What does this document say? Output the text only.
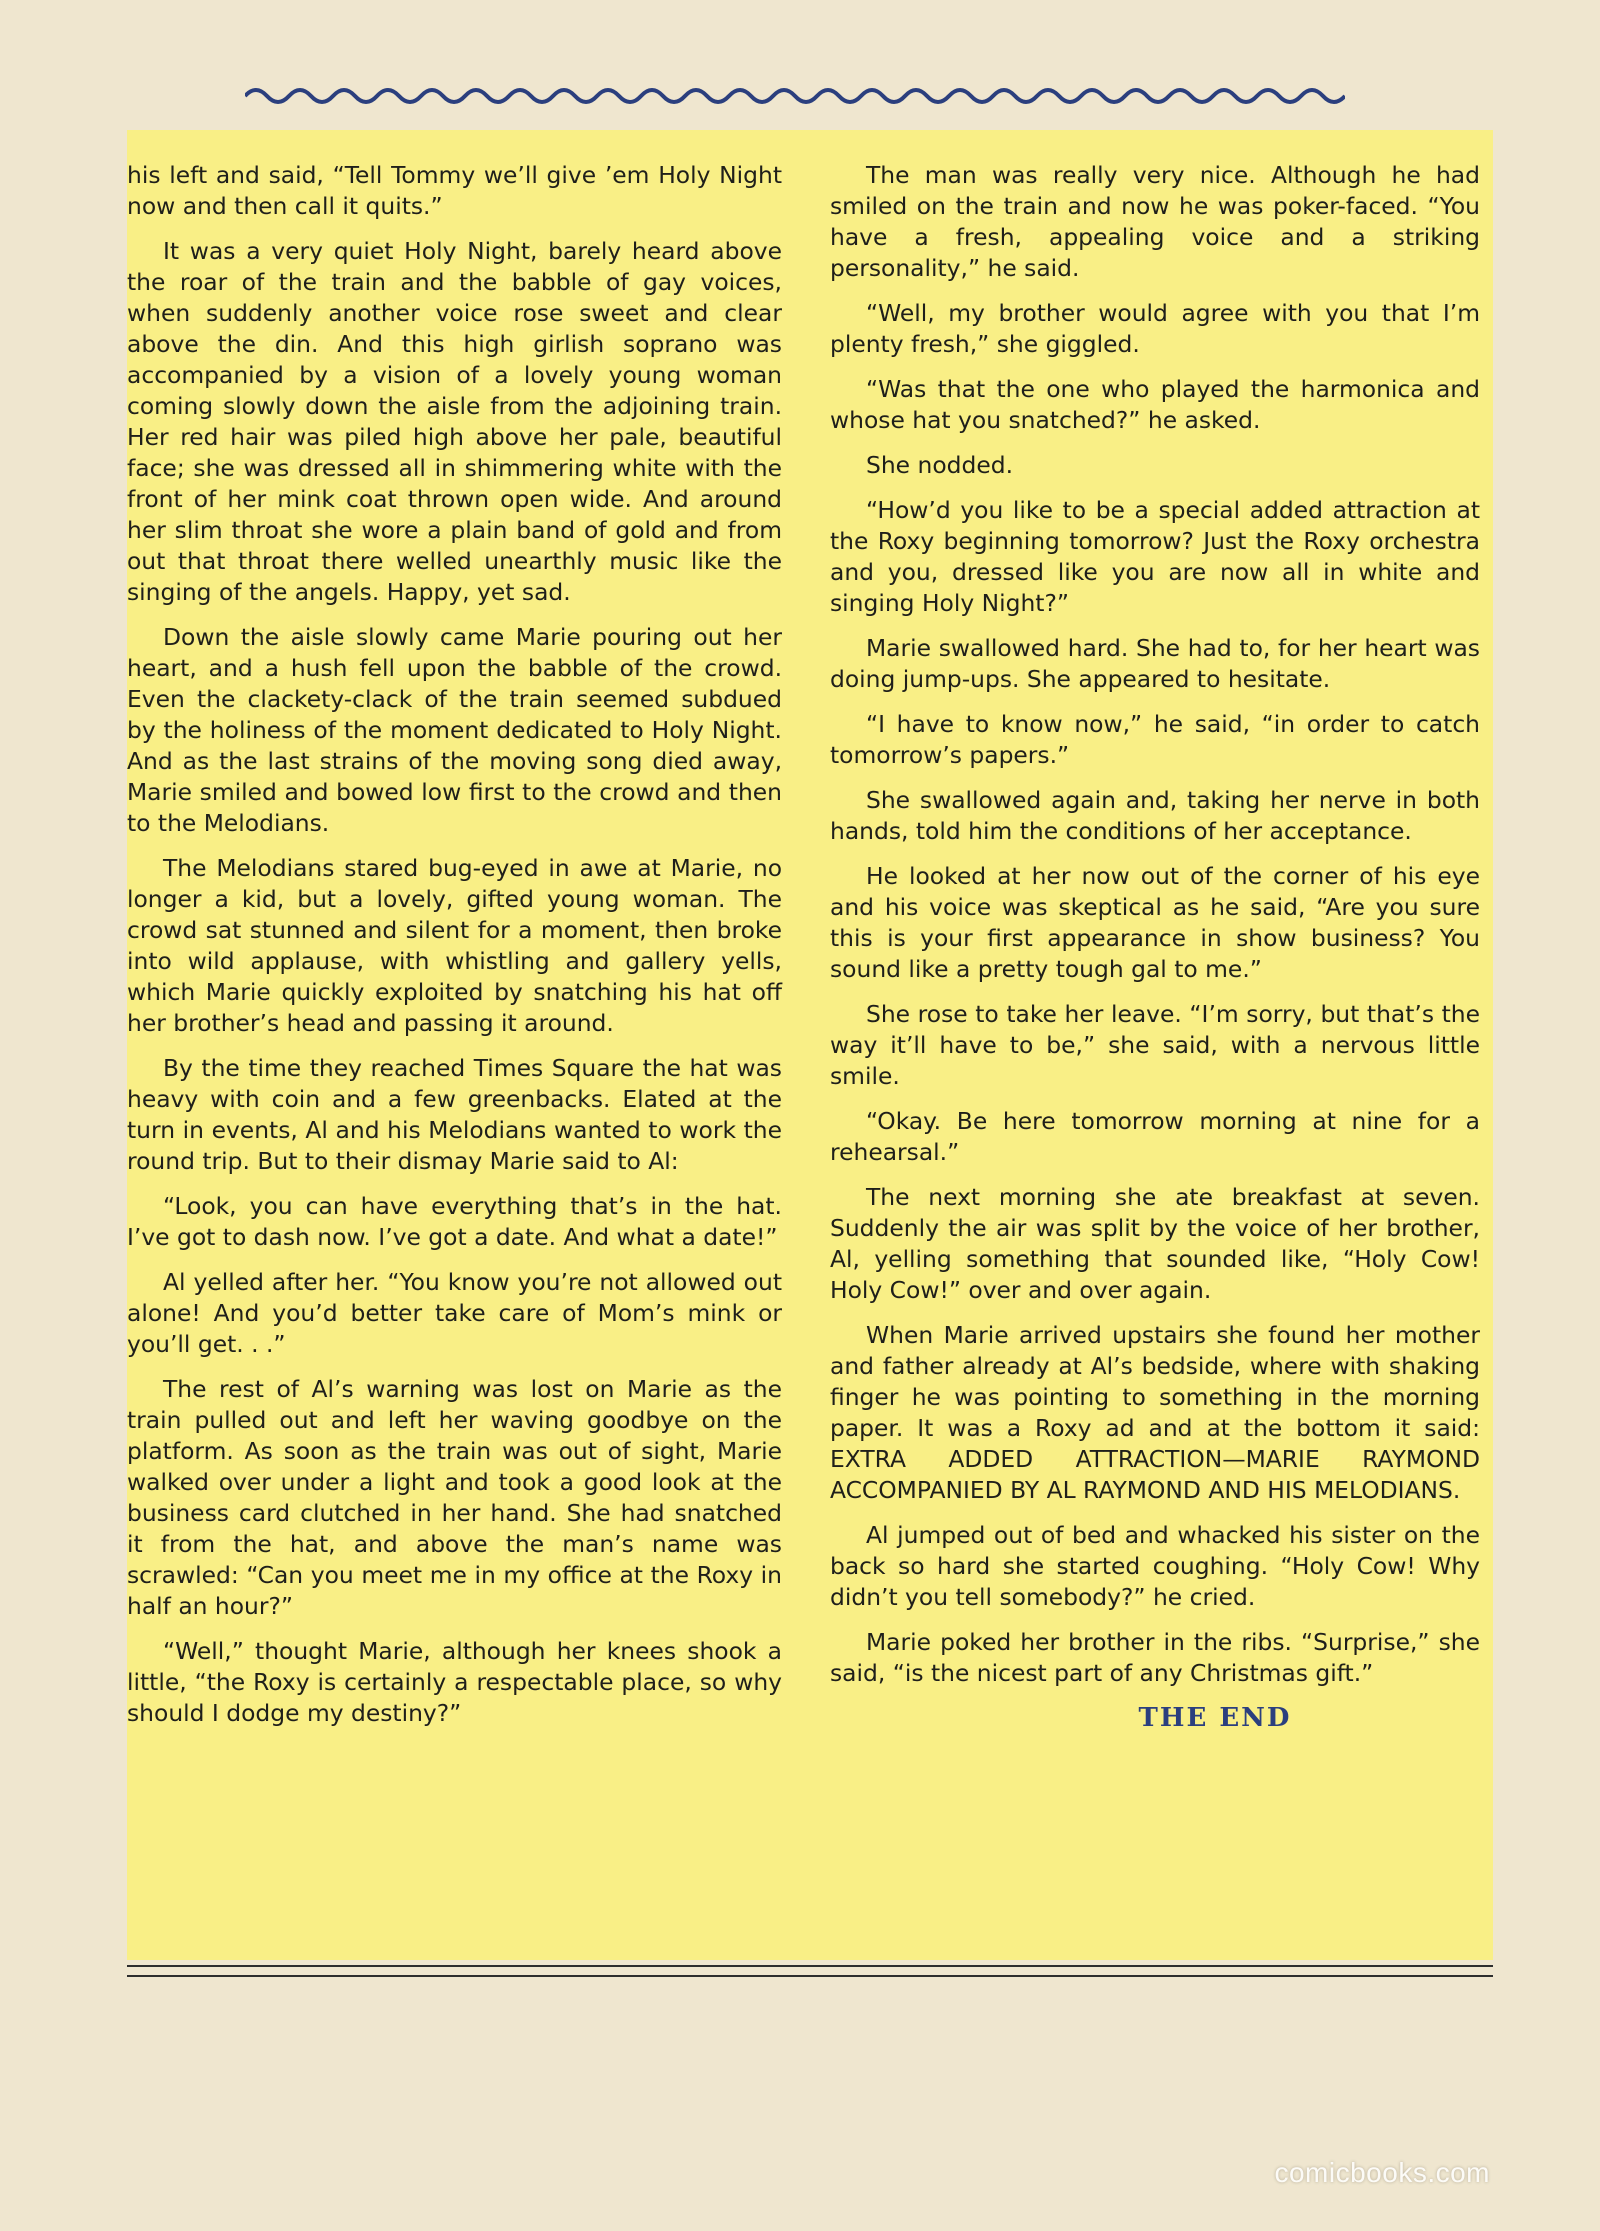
his left and said, “Tell Tommy we’ll give ’em Holy Night now and then call it quits.”

It was a very quiet Holy Night, barely heard above the roar of the train and the babble of gay voices, when suddenly another voice rose sweet and clear above the din. And this high girlish soprano was accompanied by a vision of a lovely young woman coming slowly down the aisle from the adjoining train. Her red hair was piled high above her pale, beautiful face; she was dressed all in shimmering white with the front of her mink coat thrown open wide. And around her slim throat she wore a plain band of gold and from out that throat there welled unearthly music like the singing of the angels. Happy, yet sad.

Down the aisle slowly came Marie pouring out her heart, and a hush fell upon the babble of the crowd. Even the clackety-clack of the train seemed subdued by the holiness of the moment dedicated to Holy Night. And as the last strains of the moving song died away, Marie smiled and bowed low first to the crowd and then to the Melodians.

The Melodians stared bug-eyed in awe at Marie, no longer a kid, but a lovely, gifted young woman. The crowd sat stunned and silent for a moment, then broke into wild applause, with whistling and gallery yells, which Marie quickly exploited by snatching his hat off her brother’s head and passing it around.

By the time they reached Times Square the hat was heavy with coin and a few greenbacks. Elated at the turn in events, Al and his Melodians wanted to work the round trip. But to their dismay Marie said to Al:

“Look, you can have everything that’s in the hat. I’ve got to dash now. I’ve got a date. And what a date!”

Al yelled after her. “You know you’re not allowed out alone! And you’d better take care of Mom’s mink or you’ll get. . .”

The rest of Al’s warning was lost on Marie as the train pulled out and left her waving goodbye on the platform. As soon as the train was out of sight, Marie walked over under a light and took a good look at the business card clutched in her hand. She had snatched it from the hat, and above the man’s name was scrawled: “Can you meet me in my office at the Roxy in half an hour?”

“Well,” thought Marie, although her knees shook a little, “the Roxy is certainly a respectable place, so why should I dodge my destiny?”

The man was really very nice. Although he had smiled on the train and now he was poker-faced. “You have a fresh, appealing voice and a striking personality,” he said.

“Well, my brother would agree with you that I’m plenty fresh,” she giggled.

“Was that the one who played the harmonica and whose hat you snatched?” he asked.

She nodded.

“How’d you like to be a special added attraction at the Roxy beginning tomorrow? Just the Roxy orchestra and you, dressed like you are now all in white and singing Holy Night?”

Marie swallowed hard. She had to, for her heart was doing jump-ups. She appeared to hesitate.

“I have to know now,” he said, “in order to catch tomorrow’s papers.”

She swallowed again and, taking her nerve in both hands, told him the conditions of her acceptance.

He looked at her now out of the corner of his eye and his voice was skeptical as he said, “Are you sure this is your first appearance in show business? You sound like a pretty tough gal to me.”

She rose to take her leave. “I’m sorry, but that’s the way it’ll have to be,” she said, with a nervous little smile.

“Okay. Be here tomorrow morning at nine for a rehearsal.”

The next morning she ate breakfast at seven. Suddenly the air was split by the voice of her brother, Al, yelling something that sounded like, “Holy Cow! Holy Cow!” over and over again.

When Marie arrived upstairs she found her mother and father already at Al’s bedside, where with shaking finger he was pointing to something in the morning paper. It was a Roxy ad and at the bottom it said: EXTRA ADDED ATTRACTION—MARIE RAYMOND ACCOMPANIED BY AL RAYMOND AND HIS MELODIANS.

Al jumped out of bed and whacked his sister on the back so hard she started coughing. “Holy Cow! Why didn’t you tell somebody?” he cried.

Marie poked her brother in the ribs. “Surprise,” she said, “is the nicest part of any Christmas gift.”

THE END
comicbooks.com
